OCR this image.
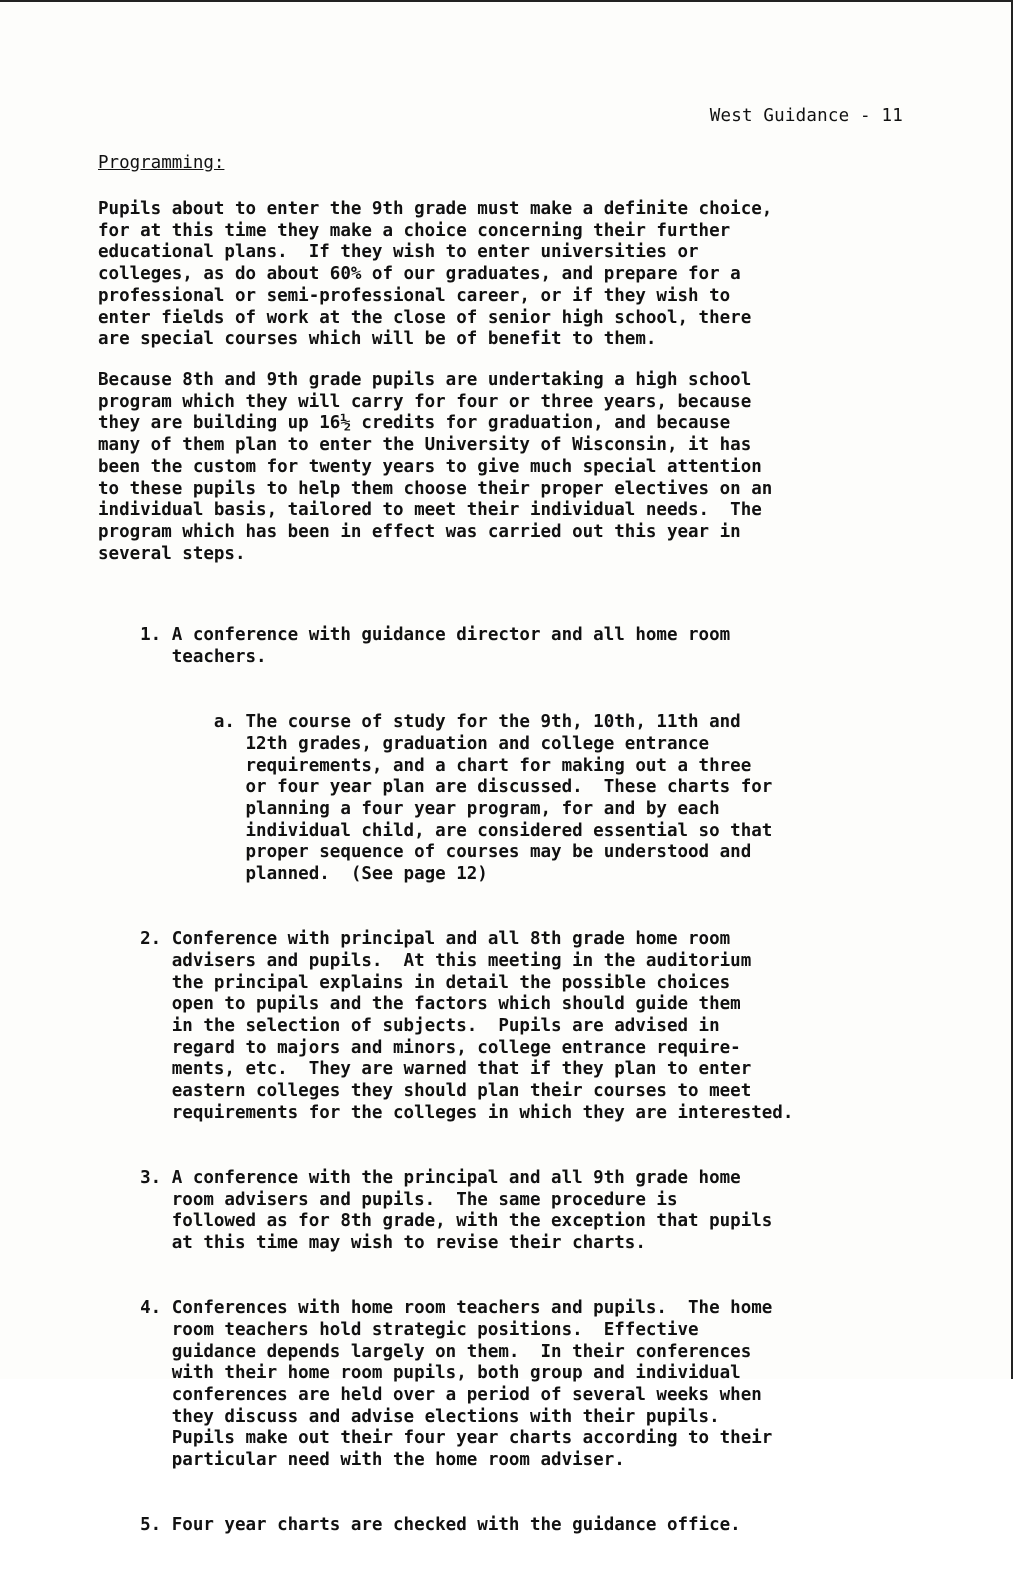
West Guidance - 11
Programming:

Pupils about to enter the 9th grade must make a definite choice,
for at this time they make a choice concerning their further
educational plans.  If they wish to enter universities or
colleges, as do about 60% of our graduates, and prepare for a
professional or semi-professional career, or if they wish to
enter fields of work at the close of senior high school, there
are special courses which will be of benefit to them.

Because 8th and 9th grade pupils are undertaking a high school
program which they will carry for four or three years, because
they are building up 16½ credits for graduation, and because
many of them plan to enter the University of Wisconsin, it has
been the custom for twenty years to give much special attention
to these pupils to help them choose their proper electives on an
individual basis, tailored to meet their individual needs.  The
program which has been in effect was carried out this year in
several steps.

1. A conference with guidance director and all home room
teachers.

a. The course of study for the 9th, 10th, 11th and
12th grades, graduation and college entrance
requirements, and a chart for making out a three
or four year plan are discussed.  These charts for
planning a four year program, for and by each
individual child, are considered essential so that
proper sequence of courses may be understood and
planned.  (See page 12)

2. Conference with principal and all 8th grade home room
advisers and pupils.  At this meeting in the auditorium
the principal explains in detail the possible choices
open to pupils and the factors which should guide them
in the selection of subjects.  Pupils are advised in
regard to majors and minors, college entrance require-
ments, etc.  They are warned that if they plan to enter
eastern colleges they should plan their courses to meet
requirements for the colleges in which they are interested.

3. A conference with the principal and all 9th grade home
room advisers and pupils.  The same procedure is
followed as for 8th grade, with the exception that pupils
at this time may wish to revise their charts.

4. Conferences with home room teachers and pupils.  The home
room teachers hold strategic positions.  Effective
guidance depends largely on them.  In their conferences
with their home room pupils, both group and individual
conferences are held over a period of several weeks when
they discuss and advise elections with their pupils.
Pupils make out their four year charts according to their
particular need with the home room adviser.

5. Four year charts are checked with the guidance office.
